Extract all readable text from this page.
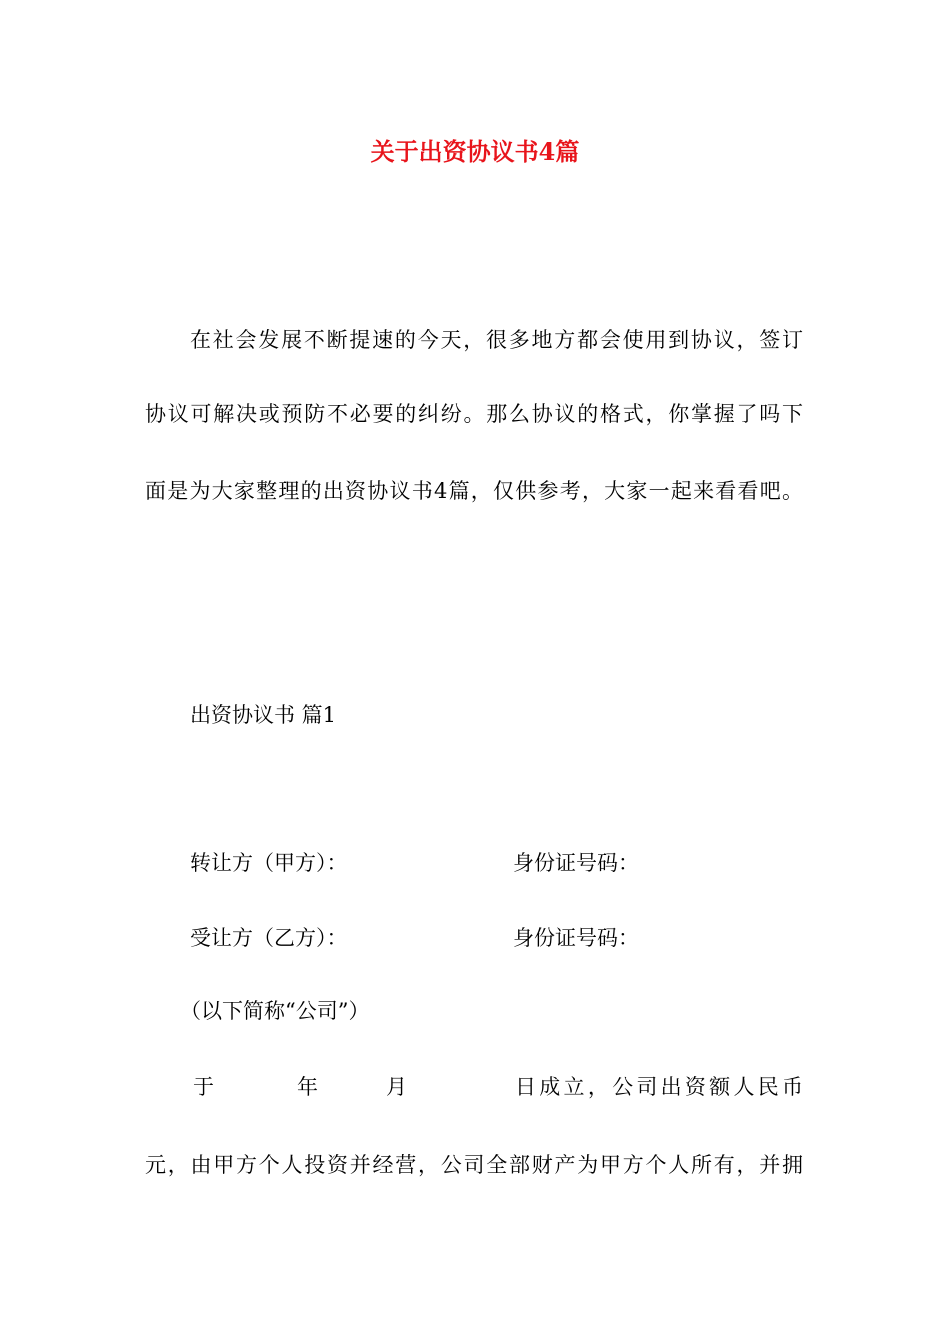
关于出资协议书4篇
在社会发展不断提速的今天，很多地方都会使用到协议，签订
协议可解决或预防不必要的纠纷。那么协议的格式，你掌握了吗下
面是为大家整理的出资协议书4篇，仅供参考，大家一起来看看吧。
出资协议书 篇1
转让方（甲方）：	身份证号码：
受让方（乙方）：	身份证号码：
（以下简称“公司”）
于	年	月	日成立，公司出资额人民币
元，由甲方个人投资并经营，公司全部财产为甲方个人所有，并拥
